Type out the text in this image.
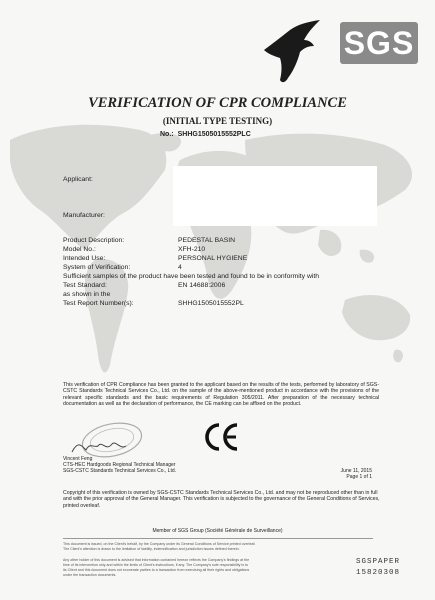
SGS
VERIFICATION OF CPR COMPLIANCE
(INITIAL TYPE TESTING)
No.: SHHG1505015552PLC
Applicant:
Manufacturer:
Product Description:	PEDESTAL BASIN
Model No.:	XFH-210
Intended Use:	PERSONAL HYGIENE
System of Verification:	4
Sufficient samples of the product have been tested and found to be in conformity with
Test Standard:	EN 14688:2006
as shown in the
Test Report Number(s):	SHHG1505015552PL
This verification of CPR Compliance has been granted to the applicant based on the results of the tests, performed by laboratory of SGS-CSTC Standards Technical Services Co., Ltd. on the sample of the above-mentioned product in accordance with the provisions of the relevant specific standards and the basic requirements of Regulation 305/2011. After preparation of the necessary technical documentation as well as the declaration of performance, the CE marking can be affixed on the product.
Vincent Feng
CTS-HEC Hardgoods Regional Technical Manager
SGS-CSTC Standards Technical Services Co., Ltd.	June 11, 2015
Page 1 of 1
Copyright of this verification is owned by SGS-CSTC Standards Technical Services Co., Ltd. and may not be reproduced other than in full and with the prior approval of the General Manager. This verification is subjected to the governance of the General Conditions of Services, printed overleaf.
Member of SGS Group (Société Générale de Surveillance)
This document is issued, on the Client's behalf, by the Company under its General Conditions of Service printed overleaf.
The Client's attention is drawn to the limitation of liability, indemnification and jurisdiction issues defined therein.
Any other holder of this document is advised that information contained hereon reflects the Company's findings at the
time of its intervention only and within the limits of Client's instructions, if any. The Company's sole responsibility is to
its Client and this document does not exonerate parties to a transaction from exercising all their rights and obligations
under the transaction documents.
SGSPAPER
15820308
